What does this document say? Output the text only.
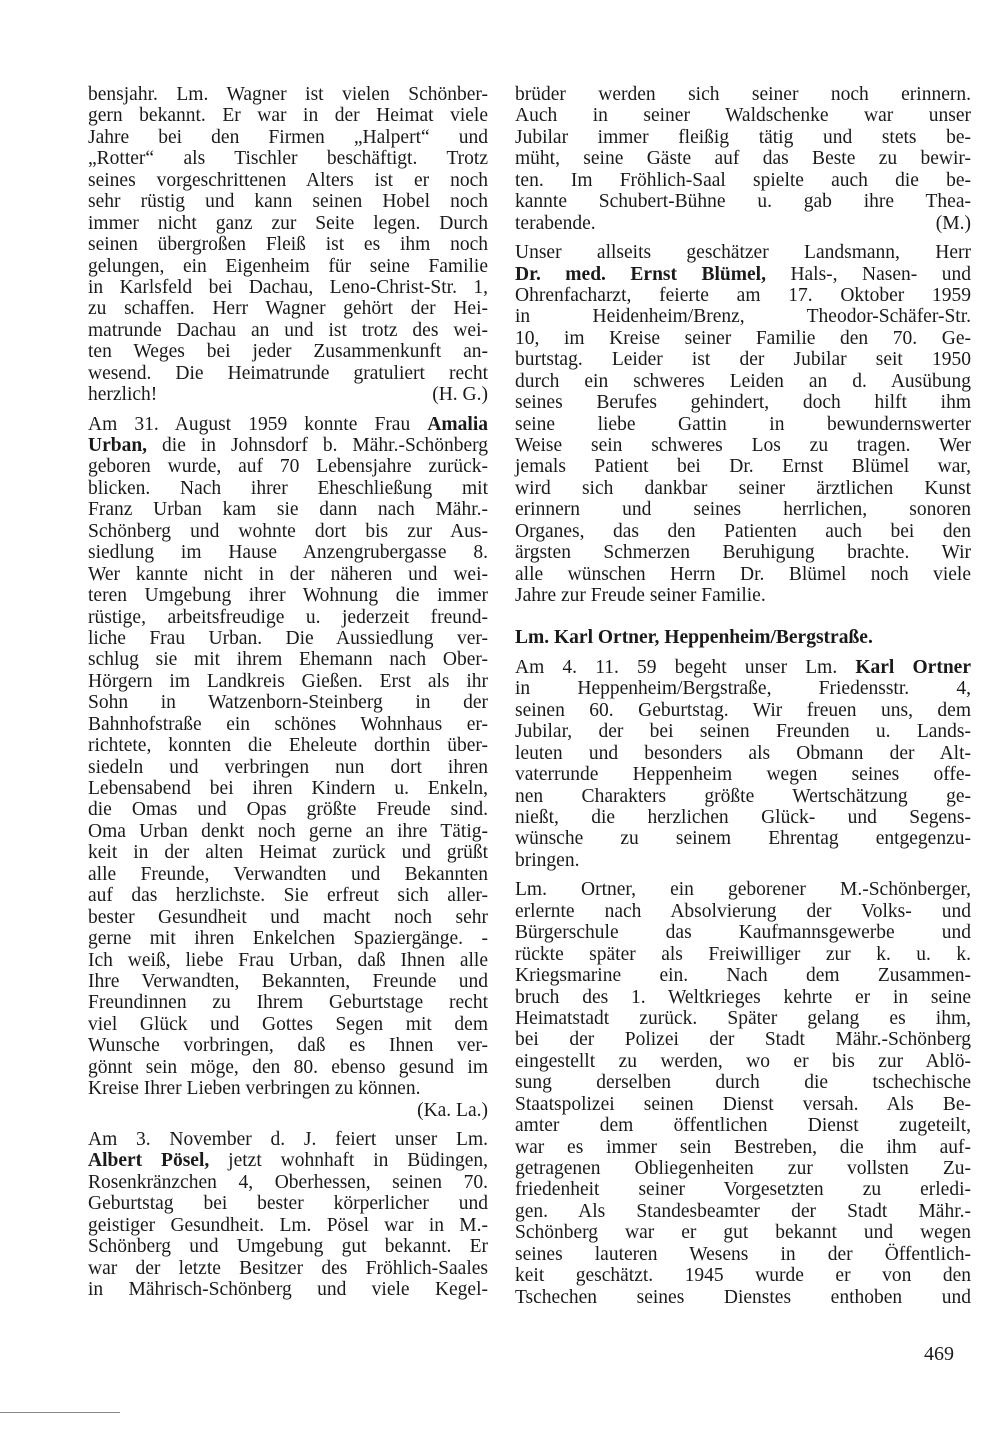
bensjahr. Lm. Wagner ist vielen Schönber-
gern bekannt. Er war in der Heimat viele
Jahre bei den Firmen „Halpert“ und
„Rotter“ als Tischler beschäftigt. Trotz
seines vorgeschrittenen Alters ist er noch
sehr rüstig und kann seinen Hobel noch
immer nicht ganz zur Seite legen. Durch
seinen übergroßen Fleiß ist es ihm noch
gelungen, ein Eigenheim für seine Familie
in Karlsfeld bei Dachau, Leno-Christ-Str. 1,
zu schaffen. Herr Wagner gehört der Hei-
matrunde Dachau an und ist trotz des wei-
ten Weges bei jeder Zusammenkunft an-
wesend. Die Heimatrunde gratuliert recht
herzlich!	(H. G.)
Am 31. August 1959 konnte Frau Amalia
Urban, die in Johnsdorf b. Mähr.-Schönberg
geboren wurde, auf 70 Lebensjahre zurück-
blicken. Nach ihrer Eheschließung mit
Franz Urban kam sie dann nach Mähr.-
Schönberg und wohnte dort bis zur Aus-
siedlung im Hause Anzengrubergasse 8.
Wer kannte nicht in der näheren und wei-
teren Umgebung ihrer Wohnung die immer
rüstige, arbeitsfreudige u. jederzeit freund-
liche Frau Urban. Die Aussiedlung ver-
schlug sie mit ihrem Ehemann nach Ober-
Hörgern im Landkreis Gießen. Erst als ihr
Sohn in Watzenborn-Steinberg in der
Bahnhofstraße ein schönes Wohnhaus er-
richtete, konnten die Eheleute dorthin über-
siedeln und verbringen nun dort ihren
Lebensabend bei ihren Kindern u. Enkeln,
die Omas und Opas größte Freude sind.
Oma Urban denkt noch gerne an ihre Tätig-
keit in der alten Heimat zurück und grüßt
alle Freunde, Verwandten und Bekannten
auf das herzlichste. Sie erfreut sich aller-
bester Gesundheit und macht noch sehr
gerne mit ihren Enkelchen Spaziergänge. -
Ich weiß, liebe Frau Urban, daß Ihnen alle
Ihre Verwandten, Bekannten, Freunde und
Freundinnen zu Ihrem Geburtstage recht
viel Glück und Gottes Segen mit dem
Wunsche vorbringen, daß es Ihnen ver-
gönnt sein möge, den 80. ebenso gesund im
Kreise Ihrer Lieben verbringen zu können.
(Ka. La.)
Am 3. November d. J. feiert unser Lm.
Albert Pösel, jetzt wohnhaft in Büdingen,
Rosenkränzchen 4, Oberhessen, seinen 70.
Geburtstag bei bester körperlicher und
geistiger Gesundheit. Lm. Pösel war in M.-
Schönberg und Umgebung gut bekannt. Er
war der letzte Besitzer des Fröhlich-Saales
in Mährisch-Schönberg und viele Kegel-
brüder werden sich seiner noch erinnern.
Auch in seiner Waldschenke war unser
Jubilar immer fleißig tätig und stets be-
müht, seine Gäste auf das Beste zu bewir-
ten. Im Fröhlich-Saal spielte auch die be-
kannte Schubert-Bühne u. gab ihre Thea-
terabende.	(M.)
Unser allseits geschätzer Landsmann, Herr
Dr. med. Ernst Blümel, Hals-, Nasen- und
Ohrenfacharzt, feierte am 17. Oktober 1959
in Heidenheim/Brenz, Theodor-Schäfer-Str.
10, im Kreise seiner Familie den 70. Ge-
burtstag. Leider ist der Jubilar seit 1950
durch ein schweres Leiden an d. Ausübung
seines Berufes gehindert, doch hilft ihm
seine liebe Gattin in bewundernswerter
Weise sein schweres Los zu tragen. Wer
jemals Patient bei Dr. Ernst Blümel war,
wird sich dankbar seiner ärztlichen Kunst
erinnern und seines herrlichen, sonoren
Organes, das den Patienten auch bei den
ärgsten Schmerzen Beruhigung brachte. Wir
alle wünschen Herrn Dr. Blümel noch viele
Jahre zur Freude seiner Familie.
Lm. Karl Ortner, Heppenheim/Bergstraße.
Am 4. 11. 59 begeht unser Lm. Karl Ortner
in Heppenheim/Bergstraße, Friedensstr. 4,
seinen 60. Geburtstag. Wir freuen uns, dem
Jubilar, der bei seinen Freunden u. Lands-
leuten und besonders als Obmann der Alt-
vaterrunde Heppenheim wegen seines offe-
nen Charakters größte Wertschätzung ge-
nießt, die herzlichen Glück- und Segens-
wünsche zu seinem Ehrentag entgegenzu-
bringen.
Lm. Ortner, ein geborener M.-Schönberger,
erlernte nach Absolvierung der Volks- und
Bürgerschule das Kaufmannsgewerbe und
rückte später als Freiwilliger zur k. u. k.
Kriegsmarine ein. Nach dem Zusammen-
bruch des 1. Weltkrieges kehrte er in seine
Heimatstadt zurück. Später gelang es ihm,
bei der Polizei der Stadt Mähr.-Schönberg
eingestellt zu werden, wo er bis zur Ablö-
sung derselben durch die tschechische
Staatspolizei seinen Dienst versah. Als Be-
amter dem öffentlichen Dienst zugeteilt,
war es immer sein Bestreben, die ihm auf-
getragenen Obliegenheiten zur vollsten Zu-
friedenheit seiner Vorgesetzten zu erledi-
gen. Als Standesbeamter der Stadt Mähr.-
Schönberg war er gut bekannt und wegen
seines lauteren Wesens in der Öffentlich-
keit geschätzt. 1945 wurde er von den
Tschechen seines Dienstes enthoben und
469
